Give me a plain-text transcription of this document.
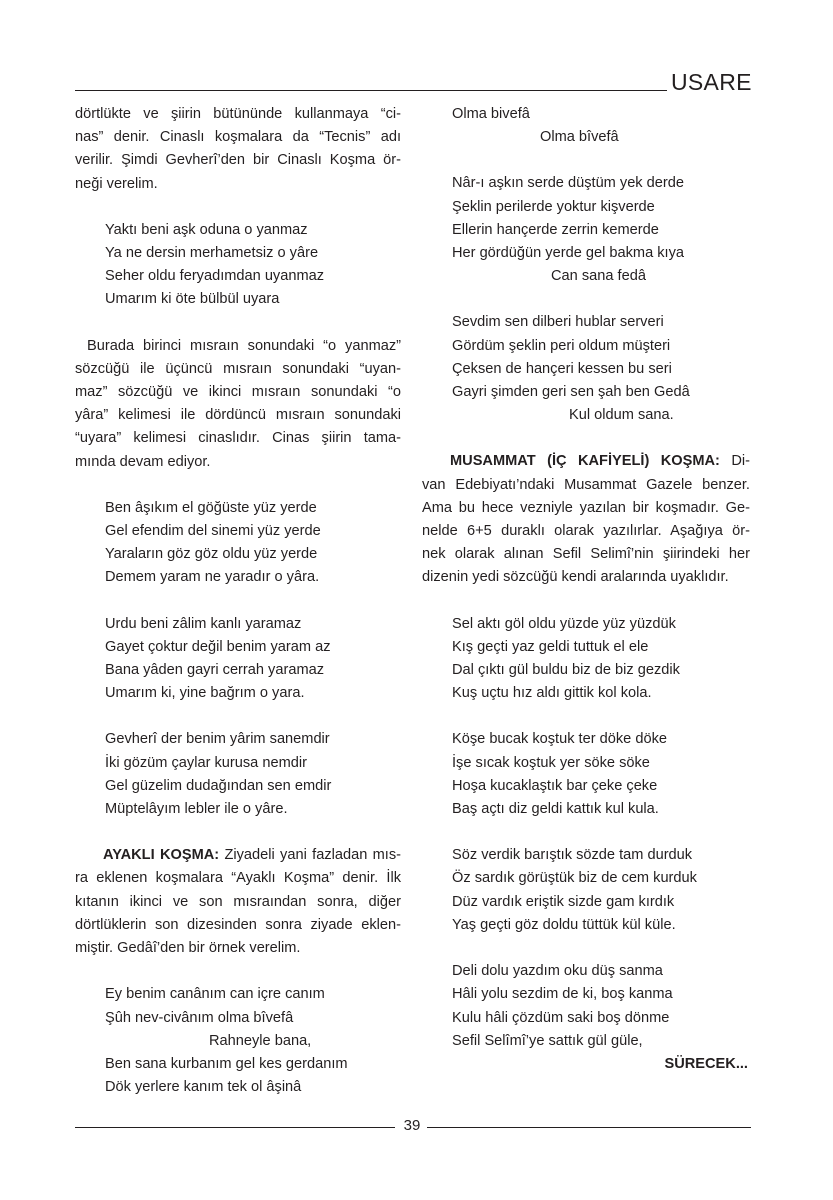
USARE
dörtlükte ve şiirin bütününde kullanmaya “ci-
nas” denir. Cinaslı koşmalara da “Tecnis” adı
verilir. Şimdi Gevherî’den bir Cinaslı Koşma ör-
neği verelim.
Yaktı beni aşk oduna o yanmaz
Ya ne dersin merhametsiz o yâre
Seher oldu feryadımdan uyanmaz
Umarım ki öte bülbül uyara
Burada birinci mısraın sonundaki “o yanmaz”
sözcüğü ile üçüncü mısraın sonundaki “uyan-
maz” sözcüğü ve ikinci mısraın sonundaki “o
yâra” kelimesi ile dördüncü mısraın sonundaki
“uyara” kelimesi cinaslıdır. Cinas şiirin tama-
mında devam ediyor.
Ben âşıkım el göğüste yüz yerde
Gel efendim del sinemi yüz yerde
Yaraların göz göz oldu yüz yerde
Demem yaram ne yaradır o yâra.
Urdu beni zâlim kanlı yaramaz
Gayet çoktur değil benim yaram az
Bana yâden gayri cerrah yaramaz
Umarım ki, yine bağrım o yara.
Gevherî der benim yârim sanemdir
İki gözüm çaylar kurusa nemdir
Gel güzelim dudağından sen emdir
Müptelâyım lebler ile o yâre.
AYAKLI KOŞMA: Ziyadeli yani fazladan mıs-
ra eklenen koşmalara “Ayaklı Koşma” denir. İlk
kıtanın ikinci ve son mısraından sonra, diğer
dörtlüklerin son dizesinden sonra ziyade eklen-
miştir. Gedâî’den bir örnek verelim.
Ey benim canânım can içre canım
Şûh nev-civânım olma bîvefâ
Rahneyle bana,
Ben sana kurbanım gel kes gerdanım
Dök yerlere kanım tek ol âşinâ
Olma bivefâ
Olma bîvefâ
Nâr-ı aşkın serde düştüm yek derde
Şeklin perilerde yoktur kişverde
Ellerin hançerde zerrin kemerde
Her gördüğün yerde gel bakma kıya
Can sana fedâ
Sevdim sen dilberi hublar serveri
Gördüm şeklin peri oldum müşteri
Çeksen de hançeri kessen bu seri
Gayri şimden geri sen şah ben Gedâ
Kul oldum sana.
MUSAMMAT (İÇ KAFİYELİ) KOŞMA: Di-
van Edebiyatı’ndaki Musammat Gazele benzer.
Ama bu hece vezniyle yazılan bir koşmadır. Ge-
nelde 6+5 duraklı olarak yazılırlar. Aşağıya ör-
nek olarak alınan Sefil Selimî’nin şiirindeki her
dizenin yedi sözcüğü kendi aralarında uyaklıdır.
Sel aktı göl oldu yüzde yüz yüzdük
Kış geçti yaz geldi tuttuk el ele
Dal çıktı gül buldu biz de biz gezdik
Kuş uçtu hız aldı gittik kol kola.
Köşe bucak koştuk ter döke döke
İşe sıcak koştuk yer söke söke
Hoşa kucaklaştık bar çeke çeke
Baş açtı diz geldi kattık kul kula.
Söz verdik barıştık sözde tam durduk
Öz sardık görüştük biz de cem kurduk
Düz vardık eriştik sizde gam kırdık
Yaş geçti göz doldu tüttük kül küle.
Deli dolu yazdım oku düş sanma
Hâli yolu sezdim de ki, boş kanma
Kulu hâli çözdüm saki boş dönme
Sefil Selîmî’ye sattık gül güle,
SÜRECEK...
39
